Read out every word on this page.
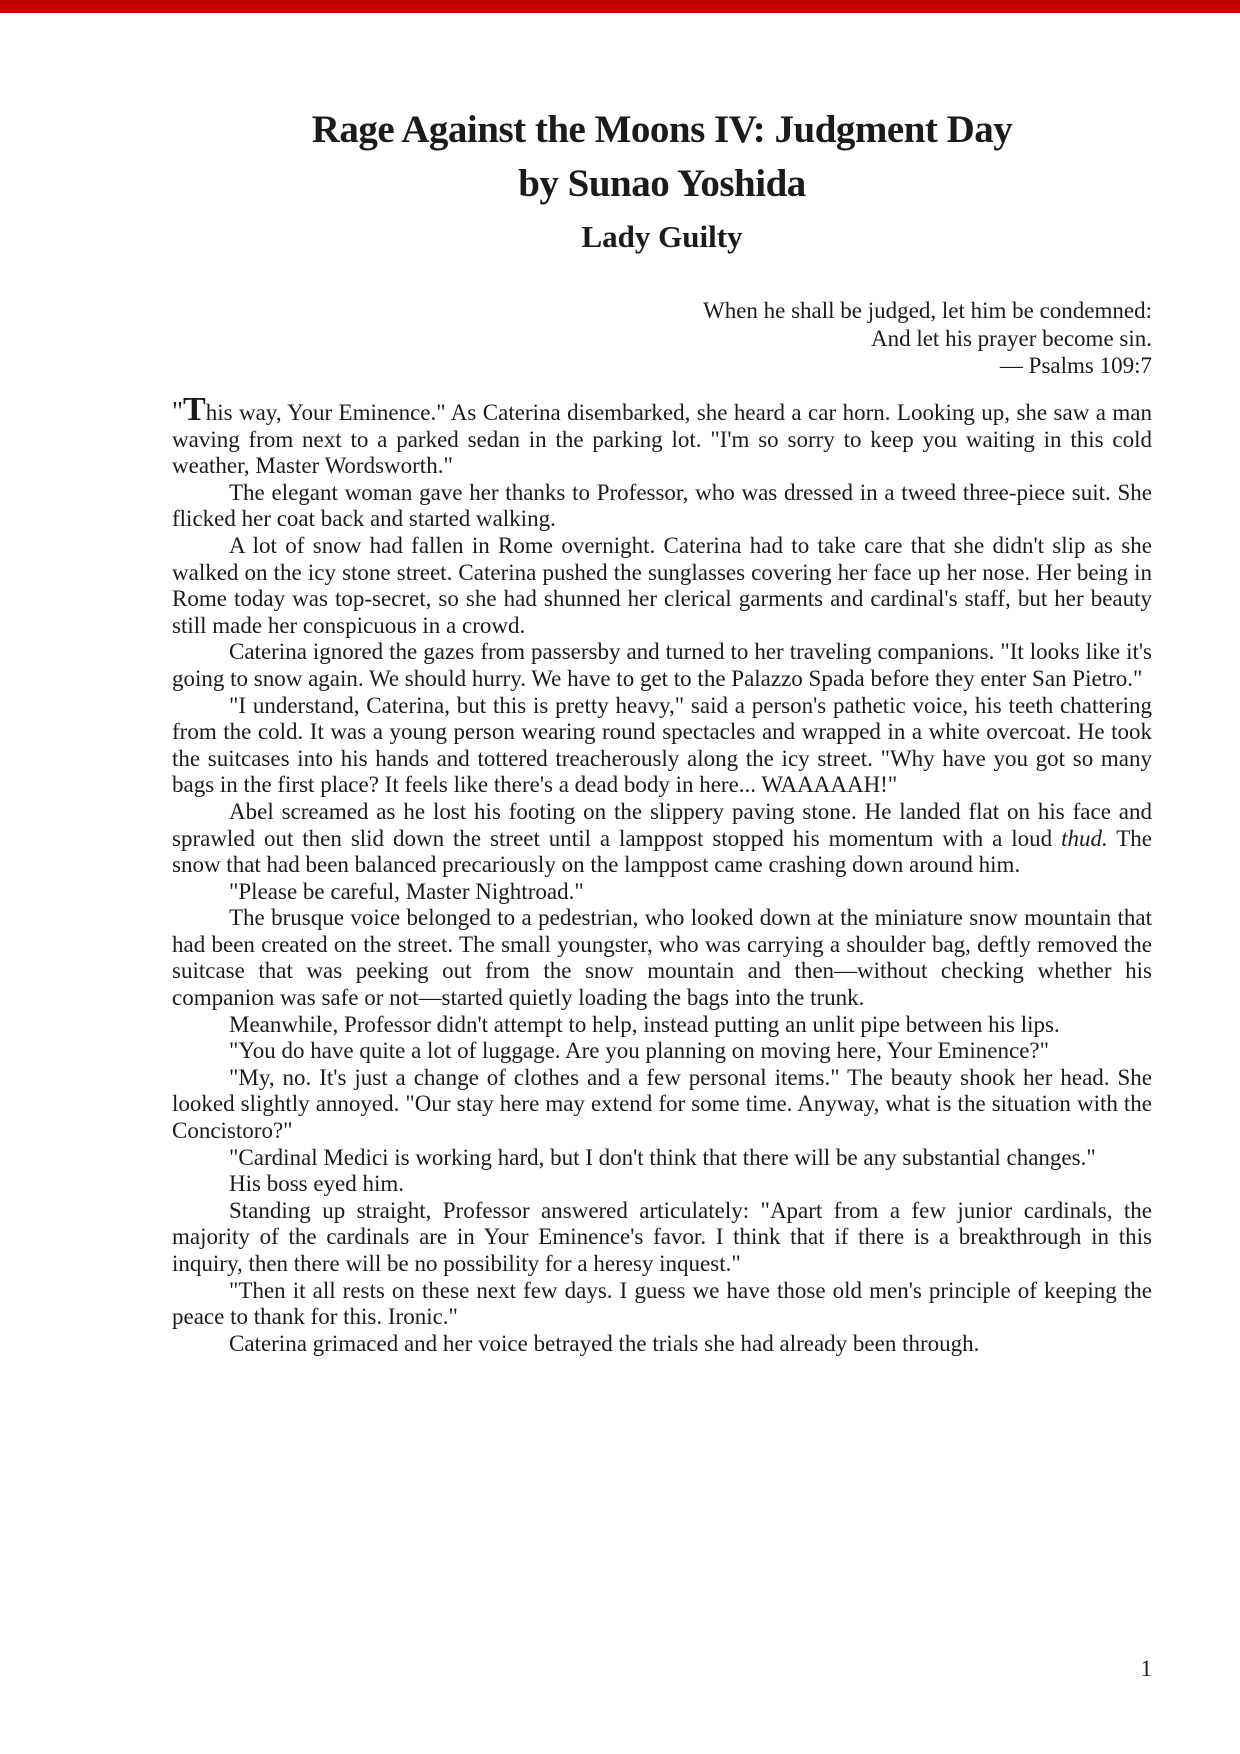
Rage Against the Moons IV: Judgment Day
by Sunao Yoshida
Lady Guilty
When he shall be judged, let him be condemned:
And let his prayer become sin.
— Psalms 109:7

"This way, Your Eminence." As Caterina disembarked, she heard a car horn. Looking up, she saw a man waving from next to a parked sedan in the parking lot. "I'm so sorry to keep you waiting in this cold weather, Master Wordsworth."

The elegant woman gave her thanks to Professor, who was dressed in a tweed three-piece suit. She flicked her coat back and started walking.

A lot of snow had fallen in Rome overnight. Caterina had to take care that she didn't slip as she walked on the icy stone street. Caterina pushed the sunglasses covering her face up her nose. Her being in Rome today was top-secret, so she had shunned her clerical garments and cardinal's staff, but her beauty still made her conspicuous in a crowd.

Caterina ignored the gazes from passersby and turned to her traveling companions. "It looks like it's going to snow again. We should hurry. We have to get to the Palazzo Spada before they enter San Pietro."

"I understand, Caterina, but this is pretty heavy," said a person's pathetic voice, his teeth chattering from the cold. It was a young person wearing round spectacles and wrapped in a white overcoat. He took the suitcases into his hands and tottered treacherously along the icy street. "Why have you got so many bags in the first place? It feels like there's a dead body in here... WAAAAAH!"

Abel screamed as he lost his footing on the slippery paving stone. He landed flat on his face and sprawled out then slid down the street until a lamppost stopped his momentum with a loud thud. The snow that had been balanced precariously on the lamppost came crashing down around him.

"Please be careful, Master Nightroad."

The brusque voice belonged to a pedestrian, who looked down at the miniature snow mountain that had been created on the street. The small youngster, who was carrying a shoulder bag, deftly removed the suitcase that was peeking out from the snow mountain and then—without checking whether his companion was safe or not—started quietly loading the bags into the trunk.

Meanwhile, Professor didn't attempt to help, instead putting an unlit pipe between his lips.

"You do have quite a lot of luggage. Are you planning on moving here, Your Eminence?"

"My, no. It's just a change of clothes and a few personal items." The beauty shook her head. She looked slightly annoyed. "Our stay here may extend for some time. Anyway, what is the situation with the Concistoro?"

"Cardinal Medici is working hard, but I don't think that there will be any substantial changes."

His boss eyed him.

Standing up straight, Professor answered articulately: "Apart from a few junior cardinals, the majority of the cardinals are in Your Eminence's favor. I think that if there is a breakthrough in this inquiry, then there will be no possibility for a heresy inquest."

"Then it all rests on these next few days. I guess we have those old men's principle of keeping the peace to thank for this. Ironic."

Caterina grimaced and her voice betrayed the trials she had already been through.

1
